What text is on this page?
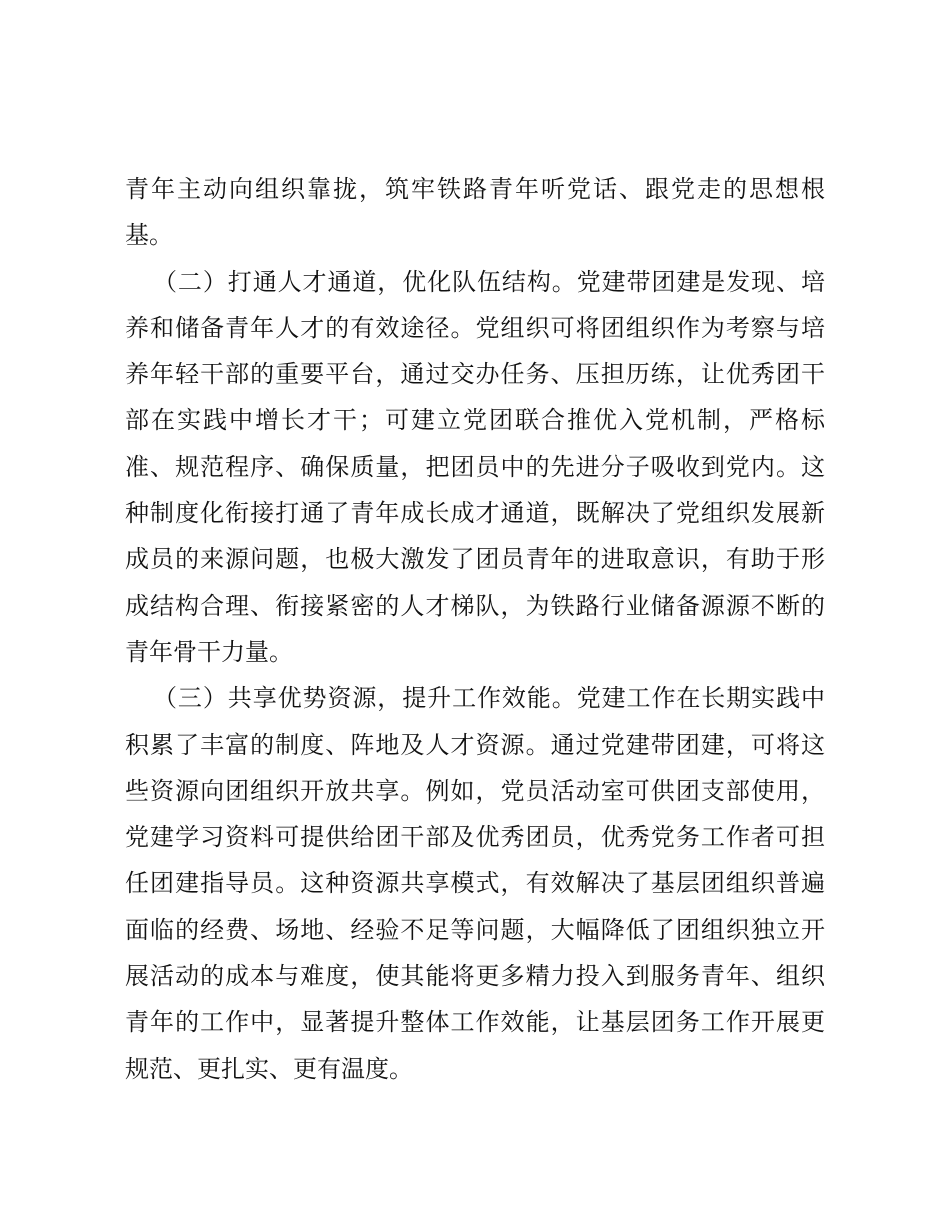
青年主动向组织靠拢，筑牢铁路青年听党话、跟党走的思想根
基。
（二）打通人才通道，优化队伍结构。党建带团建是发现、培
养和储备青年人才的有效途径。党组织可将团组织作为考察与培
养年轻干部的重要平台，通过交办任务、压担历练，让优秀团干
部在实践中增长才干；可建立党团联合推优入党机制，严格标
准、规范程序、确保质量，把团员中的先进分子吸收到党内。这
种制度化衔接打通了青年成长成才通道，既解决了党组织发展新
成员的来源问题，也极大激发了团员青年的进取意识，有助于形
成结构合理、衔接紧密的人才梯队，为铁路行业储备源源不断的
青年骨干力量。
（三）共享优势资源，提升工作效能。党建工作在长期实践中
积累了丰富的制度、阵地及人才资源。通过党建带团建，可将这
些资源向团组织开放共享。例如，党员活动室可供团支部使用，
党建学习资料可提供给团干部及优秀团员，优秀党务工作者可担
任团建指导员。这种资源共享模式，有效解决了基层团组织普遍
面临的经费、场地、经验不足等问题，大幅降低了团组织独立开
展活动的成本与难度，使其能将更多精力投入到服务青年、组织
青年的工作中，显著提升整体工作效能，让基层团务工作开展更
规范、更扎实、更有温度。
